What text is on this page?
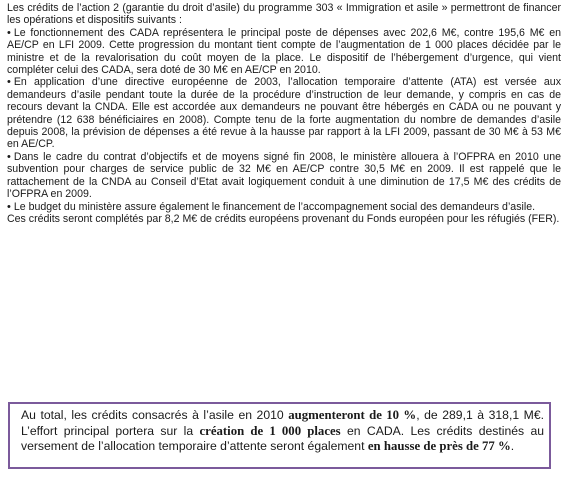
Les crédits de l’action 2 (garantie du droit d’asile) du programme 303 « Immigration et asile » permettront de financer les opérations et dispositifs suivants :

• Le fonctionnement des CADA représentera le principal poste de dépenses avec 202,6 M€, contre 195,6 M€ en AE/CP en LFI 2009. Cette progression du montant tient compte de l’augmentation de 1 000 places décidée par le ministre et de la revalorisation du coût moyen de la place. Le dispositif de l’hébergement d’urgence, qui vient compléter celui des CADA, sera doté de 30 M€ en AE/CP en 2010.

• En application d’une directive européenne de 2003, l’allocation temporaire d’attente (ATA) est versée aux demandeurs d’asile pendant toute la durée de la procédure d’instruction de leur demande, y compris en cas de recours devant la CNDA. Elle est accordée aux demandeurs ne pouvant être hébergés en CADA ou ne pouvant y prétendre (12 638 bénéficiaires en 2008). Compte tenu de la forte augmentation du nombre de demandes d’asile depuis 2008, la prévision de dépenses a été revue à la hausse par rapport à la LFI 2009, passant de 30 M€ à 53 M€ en AE/CP.

• Dans le cadre du contrat d’objectifs et de moyens signé fin 2008, le ministère allouera à l’OFPRA en 2010 une subvention pour charges de service public de 32 M€ en AE/CP contre 30,5 M€ en 2009. Il est rappelé que le rattachement de la CNDA au Conseil d’Etat avait logiquement conduit à une diminution de 17,5 M€ des crédits de l’OFPRA en 2009.

• Le budget du ministère assure également le financement de l’accompagnement social des demandeurs d’asile.

Ces crédits seront complétés par 8,2 M€ de crédits européens provenant du Fonds européen pour les réfugiés (FER).

Au total, les crédits consacrés à l’asile en 2010 augmenteront de 10 %, de 289,1 à 318,1 M€. L’effort principal portera sur la création de 1 000 places en CADA. Les crédits destinés au versement de l’allocation temporaire d’attente seront également en hausse de près de 77 %.
